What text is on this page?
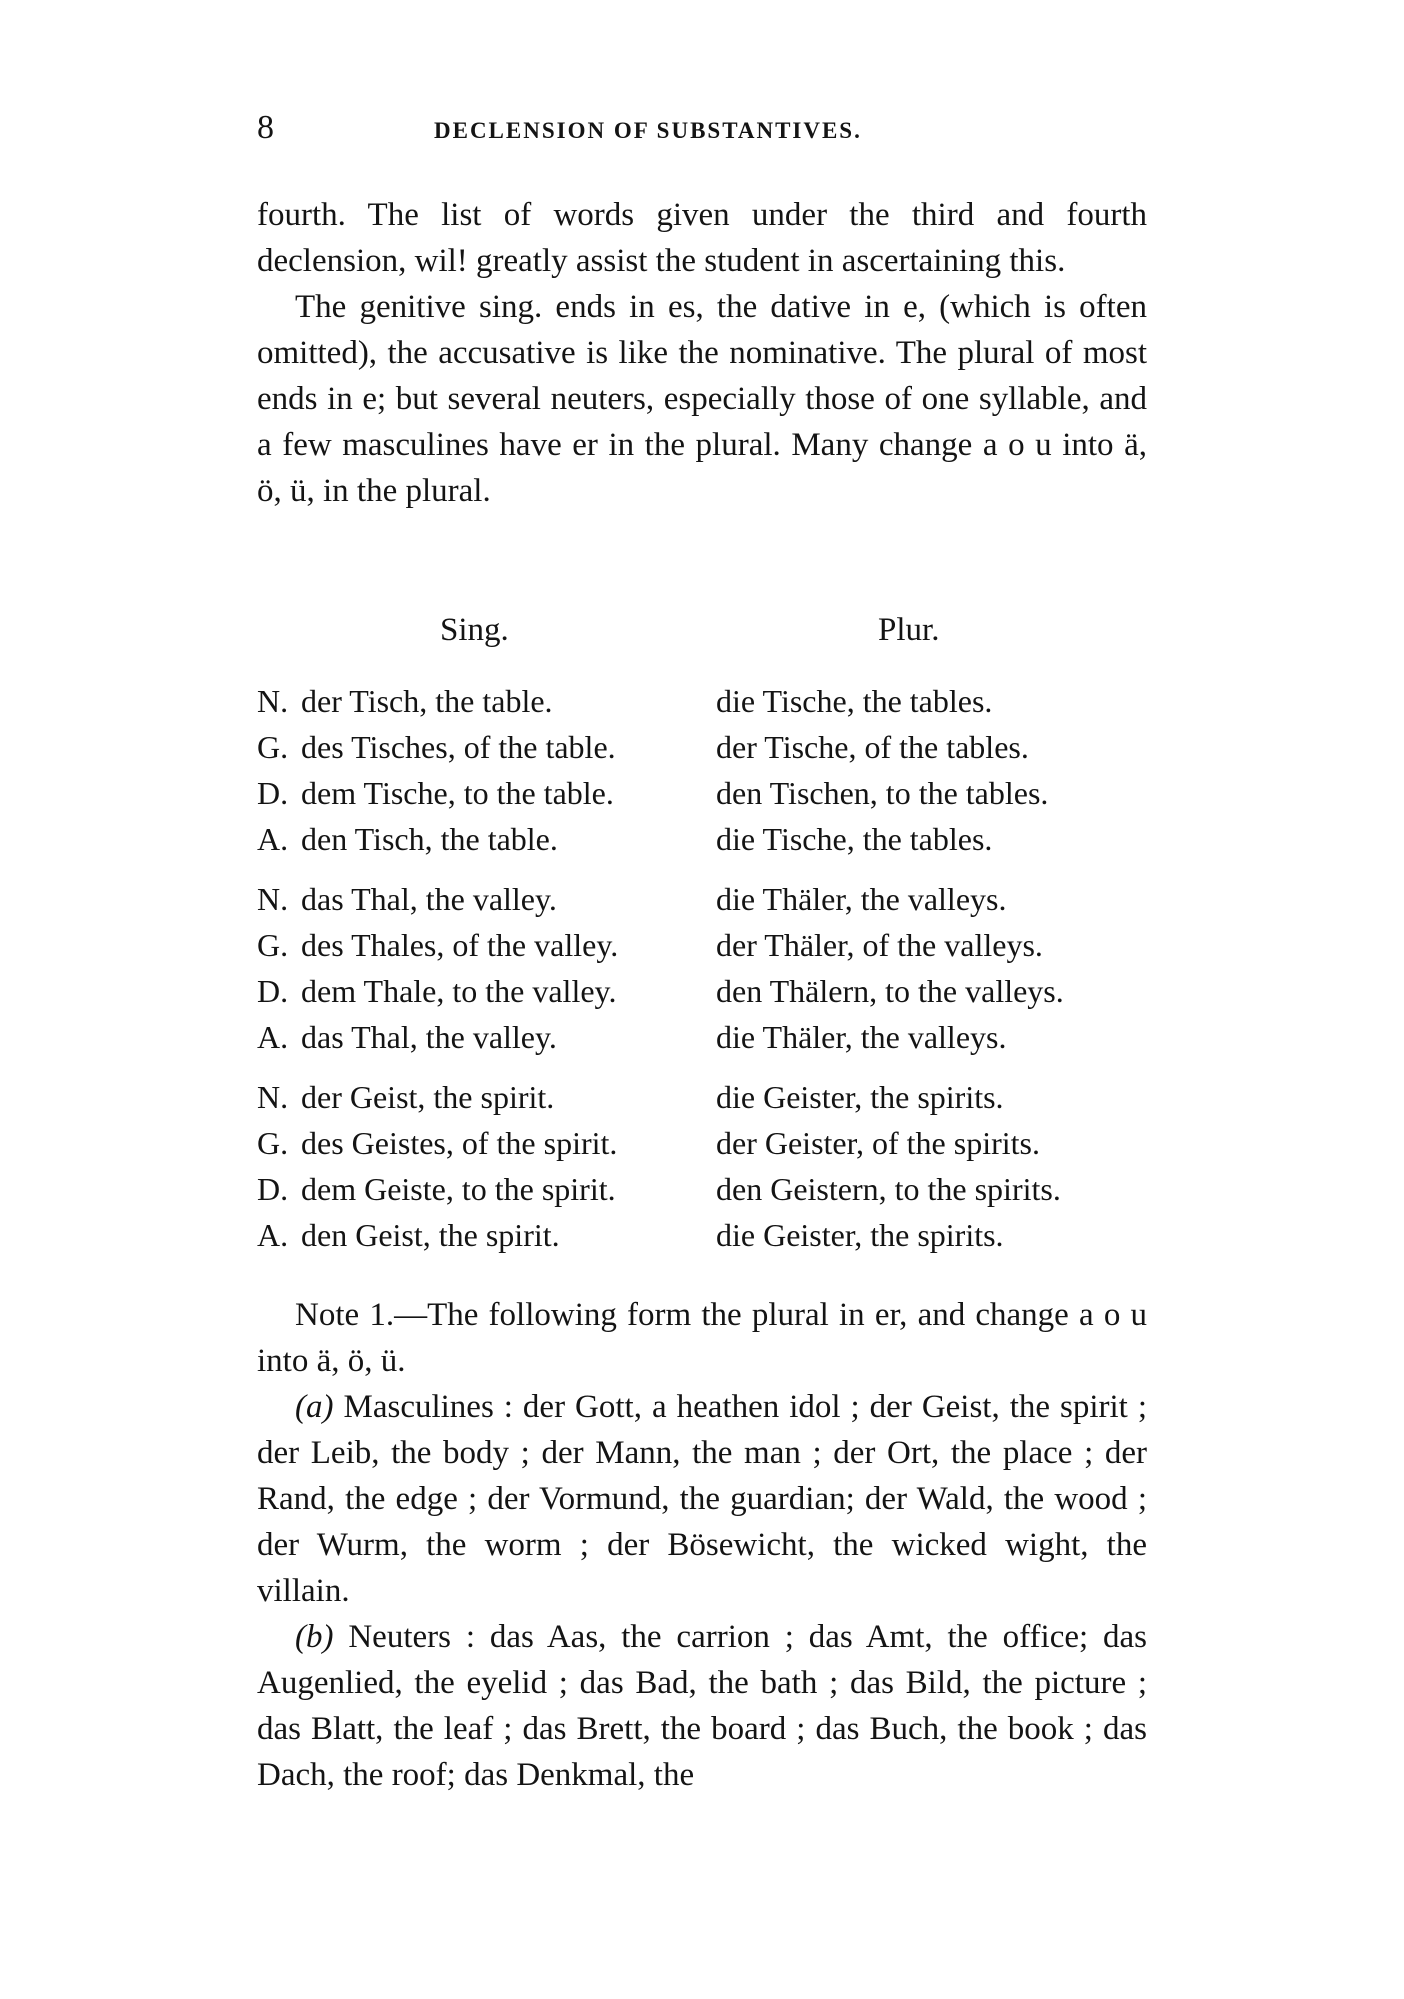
8	DECLENSION OF SUBSTANTIVES.

fourth. The list of words given under the third and fourth declension, wil! greatly assist the student in ascertaining this.

The genitive sing. ends in es, the dative in e, (which is often omitted), the accusative is like the nominative. The plural of most ends in e; but several neuters, especially those of one syllable, and a few masculines have er in the plural. Many change a o u into ä, ö, ü, in the plural.

Sing.	Plur.
N. der Tisch, the table.	die Tische, the tables.
G. des Tisches, of the table.	der Tische, of the tables.
D. dem Tische, to the table.	den Tischen, to the tables.
A. den Tisch, the table.	die Tische, the tables.
N. das Thal, the valley.	die Thäler, the valleys.
G. des Thales, of the valley.	der Thäler, of the valleys.
D. dem Thale, to the valley.	den Thälern, to the valleys.
A. das Thal, the valley.	die Thäler, the valleys.
N. der Geist, the spirit.	die Geister, the spirits.
G. des Geistes, of the spirit.	der Geister, of the spirits.
D. dem Geiste, to the spirit.	den Geistern, to the spirits.
A. den Geist, the spirit.	die Geister, the spirits.

Note 1.—The following form the plural in er, and change a o u into ä, ö, ü.

(a) Masculines : der Gott, a heathen idol ; der Geist, the spirit ; der Leib, the body ; der Mann, the man ; der Ort, the place ; der Rand, the edge ; der Vormund, the guardian; der Wald, the wood ; der Wurm, the worm ; der Bösewicht, the wicked wight, the villain.

(b) Neuters : das Aas, the carrion ; das Amt, the office; das Augenlied, the eyelid ; das Bad, the bath ; das Bild, the picture ; das Blatt, the leaf ; das Brett, the board ; das Buch, the book ; das Dach, the roof; das Denkmal, the
